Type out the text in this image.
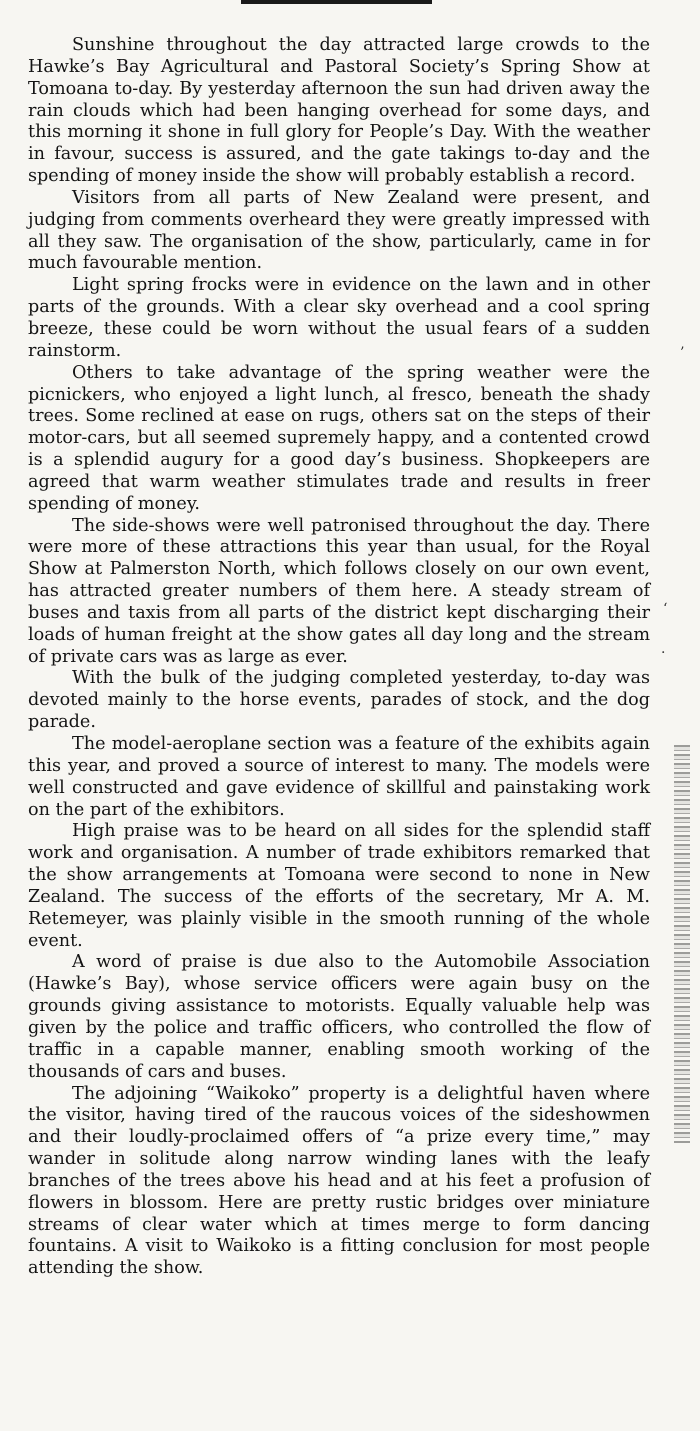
Sunshine throughout the day attracted large crowds to the Hawke’s Bay Agricultural and Pastoral Society’s Spring Show at Tomoana to-day. By yesterday afternoon the sun had driven away the rain clouds which had been hanging overhead for some days, and this morning it shone in full glory for People’s Day. With the weather in favour, success is assured, and the gate takings to-day and the spending of money inside the show will probably establish a record.

Visitors from all parts of New Zealand were present, and judging from comments overheard they were greatly impressed with all they saw. The organisation of the show, particularly, came in for much favourable mention.

Light spring frocks were in evidence on the lawn and in other parts of the grounds. With a clear sky overhead and a cool spring breeze, these could be worn without the usual fears of a sudden rainstorm.

Others to take advantage of the spring weather were the picnickers, who enjoyed a light lunch, al fresco, beneath the shady trees. Some reclined at ease on rugs, others sat on the steps of their motor-cars, but all seemed supremely happy, and a contented crowd is a splendid augury for a good day’s business. Shopkeepers are agreed that warm weather stimulates trade and results in freer spending of money.

The side-shows were well patronised throughout the day. There were more of these attractions this year than usual, for the Royal Show at Palmerston North, which follows closely on our own event, has attracted greater numbers of them here. A steady stream of buses and taxis from all parts of the district kept discharging their loads of human freight at the show gates all day long and the stream of private cars was as large as ever.

With the bulk of the judging completed yesterday, to-day was devoted mainly to the horse events, parades of stock, and the dog parade.

The model-aeroplane section was a feature of the exhibits again this year, and proved a source of interest to many. The models were well constructed and gave evidence of skillful and painstaking work on the part of the exhibitors.

High praise was to be heard on all sides for the splendid staff work and organisation. A number of trade exhibitors remarked that the show arrangements at Tomoana were second to none in New Zealand. The success of the efforts of the secretary, Mr A. M. Retemeyer, was plainly visible in the smooth running of the whole event.

A word of praise is due also to the Automobile Association (Hawke’s Bay), whose service officers were again busy on the grounds giving assistance to motorists. Equally valuable help was given by the police and traffic officers, who controlled the flow of traffic in a capable manner, enabling smooth working of the thousands of cars and buses.

The adjoining “Waikoko” property is a delightful haven where the visitor, having tired of the raucous voices of the sideshowmen and their loudly-proclaimed offers of “a prize every time,” may wander in solitude along narrow winding lanes with the leafy branches of the trees above his head and at his feet a profusion of flowers in blossom. Here are pretty rustic bridges over miniature streams of clear water which at times merge to form dancing fountains. A visit to Waikoko is a fitting conclusion for most people attending the show.

’
‘
·
